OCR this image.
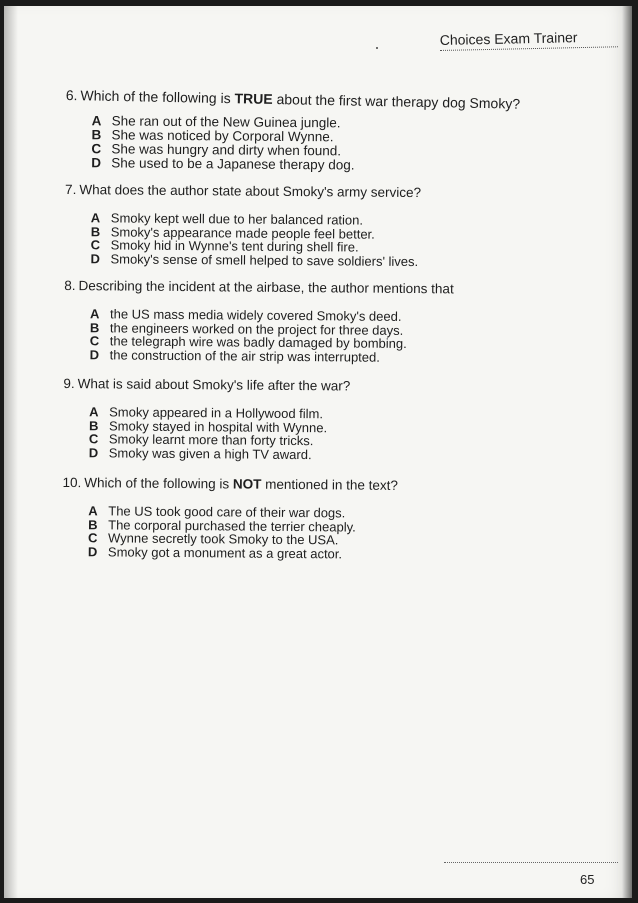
Choices Exam Trainer

6. Which of the following is TRUE about the first war therapy dog Smoky?

A She ran out of the New Guinea jungle.
B She was noticed by Corporal Wynne.
C She was hungry and dirty when found.
D She used to be a Japanese therapy dog.

7. What does the author state about Smoky's army service?

A Smoky kept well due to her balanced ration.
B Smoky's appearance made people feel better.
C Smoky hid in Wynne's tent during shell fire.
D Smoky's sense of smell helped to save soldiers' lives.

8. Describing the incident at the airbase, the author mentions that

A the US mass media widely covered Smoky's deed.
B the engineers worked on the project for three days.
C the telegraph wire was badly damaged by bombing.
D the construction of the air strip was interrupted.

9. What is said about Smoky's life after the war?

A Smoky appeared in a Hollywood film.
B Smoky stayed in hospital with Wynne.
C Smoky learnt more than forty tricks.
D Smoky was given a high TV award.

10. Which of the following is NOT mentioned in the text?

A The US took good care of their war dogs.
B The corporal purchased the terrier cheaply.
C Wynne secretly took Smoky to the USA.
D Smoky got a monument as a great actor.
65
